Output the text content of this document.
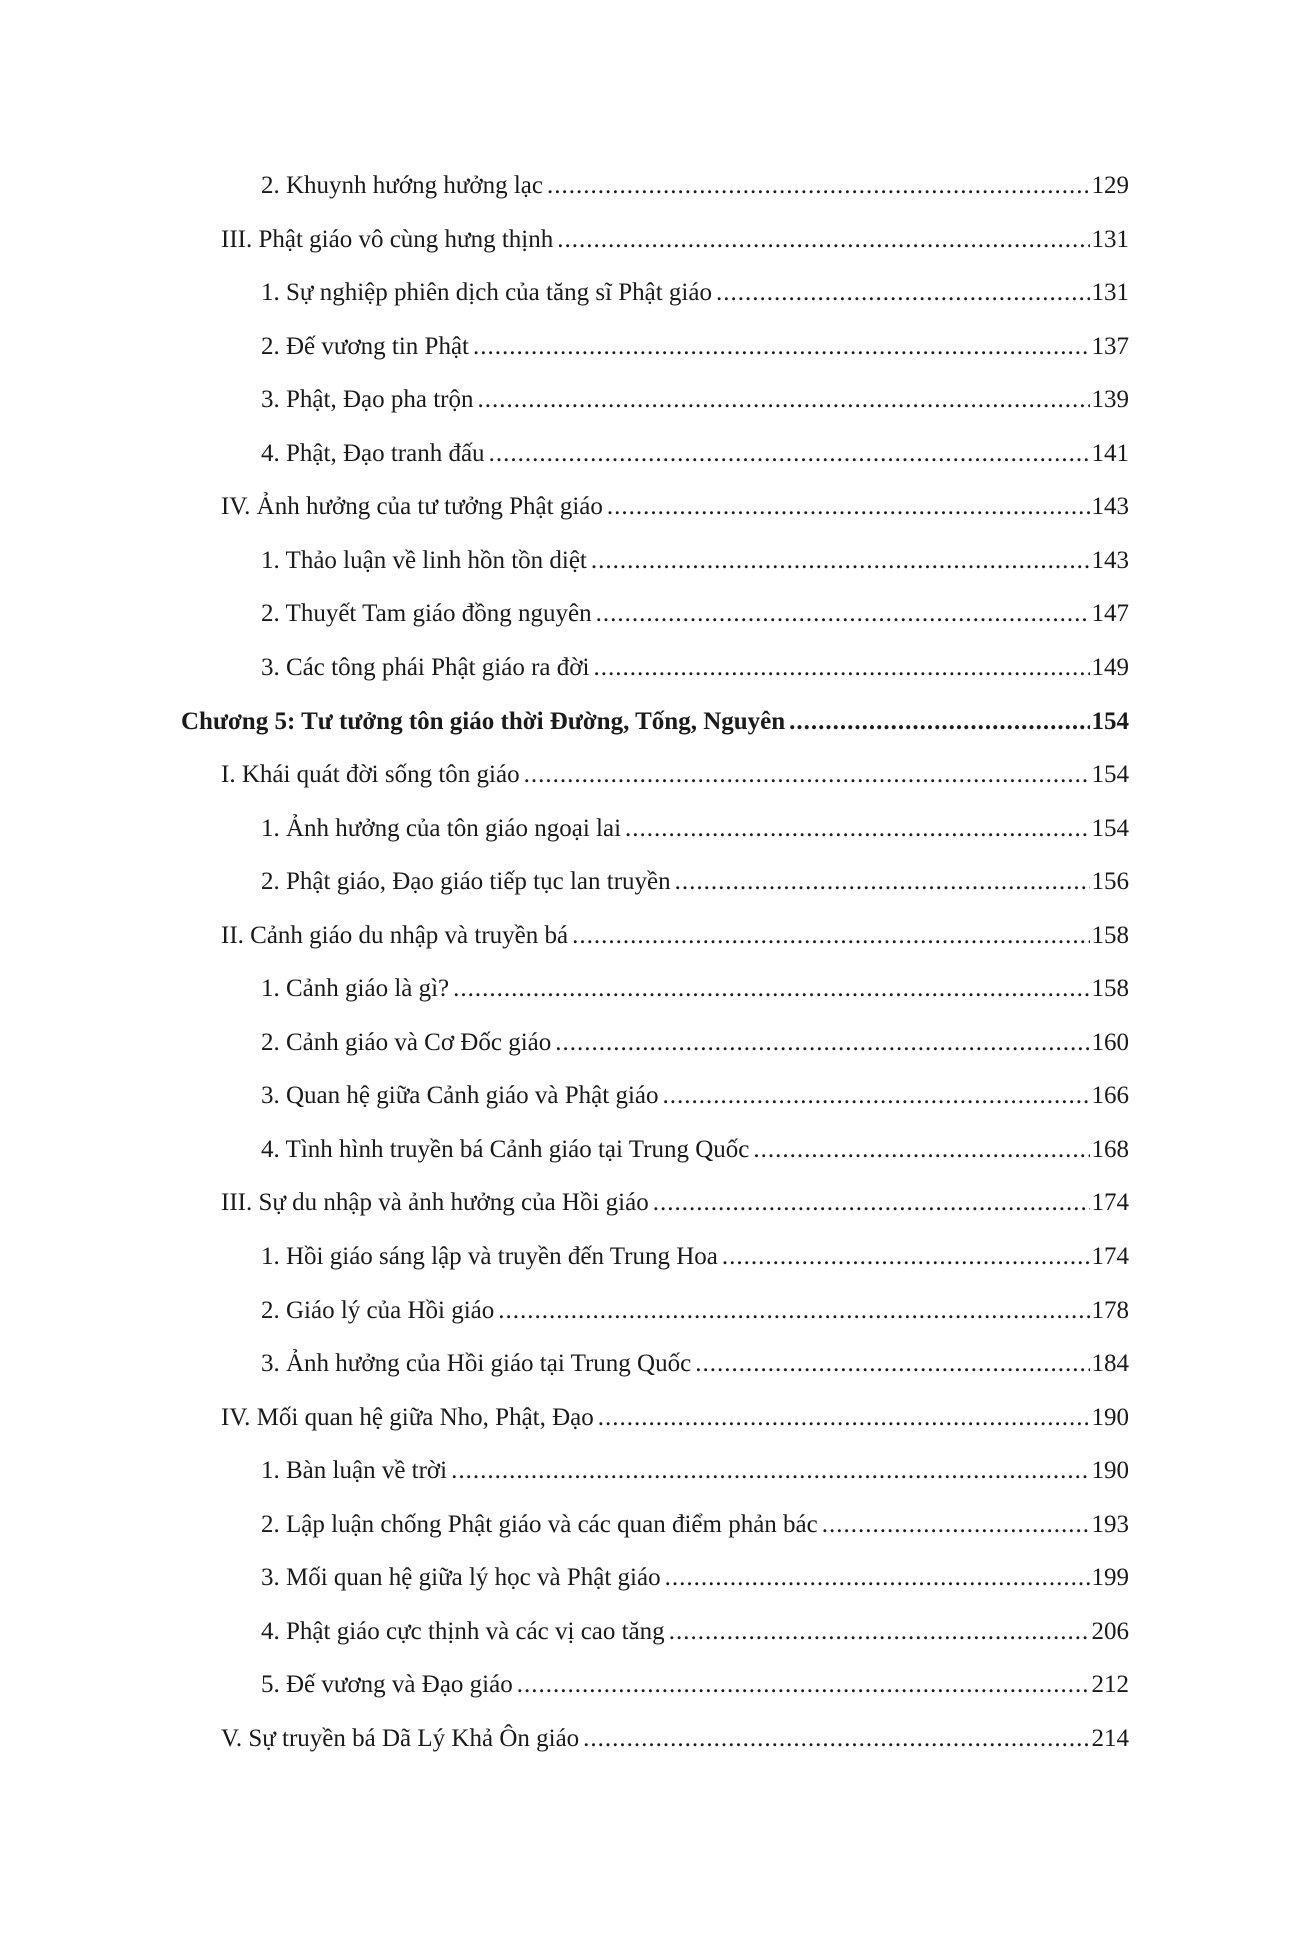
2. Khuynh hướng hưởng lạc .....	129
III. Phật giáo vô cùng hưng thịnh .....	131
1. Sự nghiệp phiên dịch của tăng sĩ Phật giáo .....	131
2. Đế vương tin Phật .....	137
3. Phật, Đạo pha trộn .....	139
4. Phật, Đạo tranh đấu .....	141
IV. Ảnh hưởng của tư tưởng Phật giáo .....	143
1. Thảo luận về linh hồn tồn diệt .....	143
2. Thuyết Tam giáo đồng nguyên .....	147
3. Các tông phái Phật giáo ra đời .....	149
Chương 5: Tư tưởng tôn giáo thời Đường, Tống, Nguyên .....	154
I. Khái quát đời sống tôn giáo .....	154
1. Ảnh hưởng của tôn giáo ngoại lai .....	154
2. Phật giáo, Đạo giáo tiếp tục lan truyền .....	156
II. Cảnh giáo du nhập và truyền bá .....	158
1. Cảnh giáo là gì? .....	158
2. Cảnh giáo và Cơ Đốc giáo .....	160
3. Quan hệ giữa Cảnh giáo và Phật giáo .....	166
4. Tình hình truyền bá Cảnh giáo tại Trung Quốc .....	168
III. Sự du nhập và ảnh hưởng của Hồi giáo .....	174
1. Hồi giáo sáng lập và truyền đến Trung Hoa .....	174
2. Giáo lý của Hồi giáo .....	178
3. Ảnh hưởng của Hồi giáo tại Trung Quốc .....	184
IV. Mối quan hệ giữa Nho, Phật, Đạo .....	190
1. Bàn luận về trời .....	190
2. Lập luận chống Phật giáo và các quan điểm phản bác .....	193
3. Mối quan hệ giữa lý học và Phật giáo .....	199
4. Phật giáo cực thịnh và các vị cao tăng .....	206
5. Đế vương và Đạo giáo .....	212
V. Sự truyền bá Dã Lý Khả Ôn giáo .....	214
